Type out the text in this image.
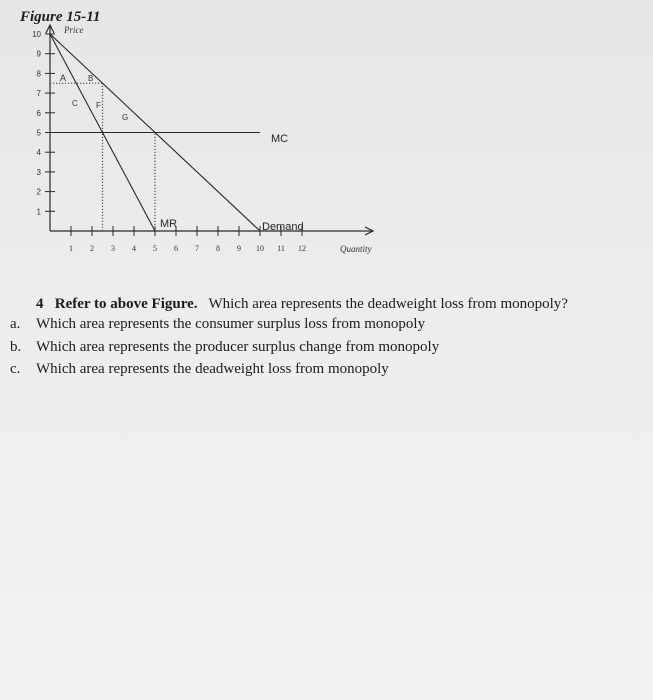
Figure 15-11
1
2
3
4
5
6
7
8
9
10
1 2 3 4 5 6 7 8 9 10 11 12
Price
Quantity
MC
MR	Demand
A	B
C F
G
4 Refer to above Figure. Which area represents the deadweight loss from monopoly?
a. Which area represents the consumer surplus loss from monopoly
b. Which area represents the producer surplus change from monopoly
c. Which area represents the deadweight loss from monopoly
